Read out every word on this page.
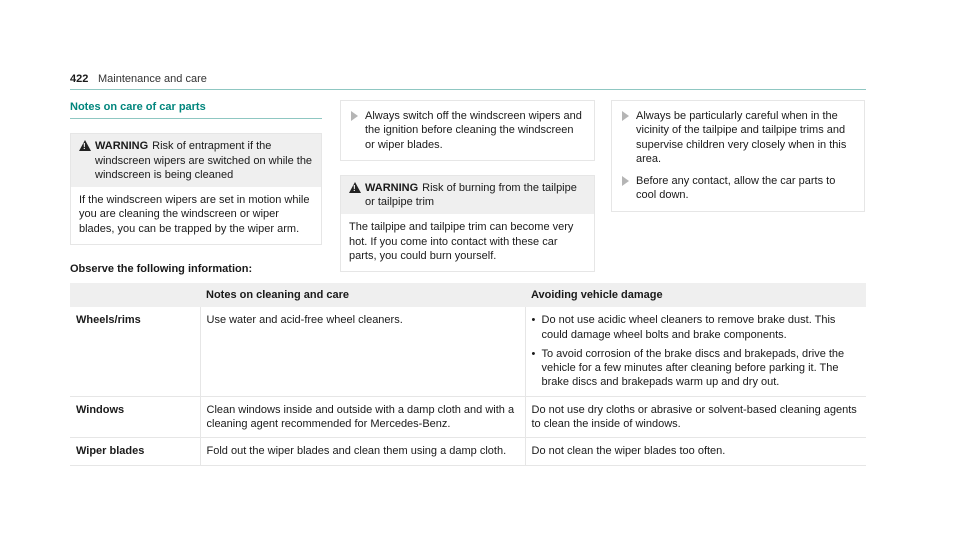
422 Maintenance and care
Notes on care of car parts
!
WARNING Risk of entrapment if the windscreen wipers are switched on while the windscreen is being cleaned
If the windscreen wipers are set in motion while you are cleaning the windscreen or wiper blades, you can be trapped by the wiper arm.
Always switch off the windscreen wipers and the ignition before cleaning the windscreen or wiper blades.
!
WARNING Risk of burning from the tailpipe or tailpipe trim
The tailpipe and tailpipe trim can become very hot. If you come into contact with these car parts, you could burn yourself.
Always be particularly careful when in the vicinity of the tailpipe and tailpipe trims and supervise children very closely when in this area.
Before any contact, allow the car parts to cool down.
Observe the following information:
	Notes on cleaning and care	Avoiding vehicle damage
Wheels/rims	Use water and acid-free wheel cleaners.	• Do not use acidic wheel cleaners to remove brake dust. This could damage wheel bolts and brake components.
• To avoid corrosion of the brake discs and brakepads, drive the vehicle for a few minutes after cleaning before parking it. The brake discs and brakepads warm up and dry out.

Windows	Clean windows inside and outside with a damp cloth and with a cleaning agent recommended for Mercedes-Benz.	Do not use dry cloths or abrasive or solvent-based cleaning agents to clean the inside of windows.
Wiper blades	Fold out the wiper blades and clean them using a damp cloth.	Do not clean the wiper blades too often.
